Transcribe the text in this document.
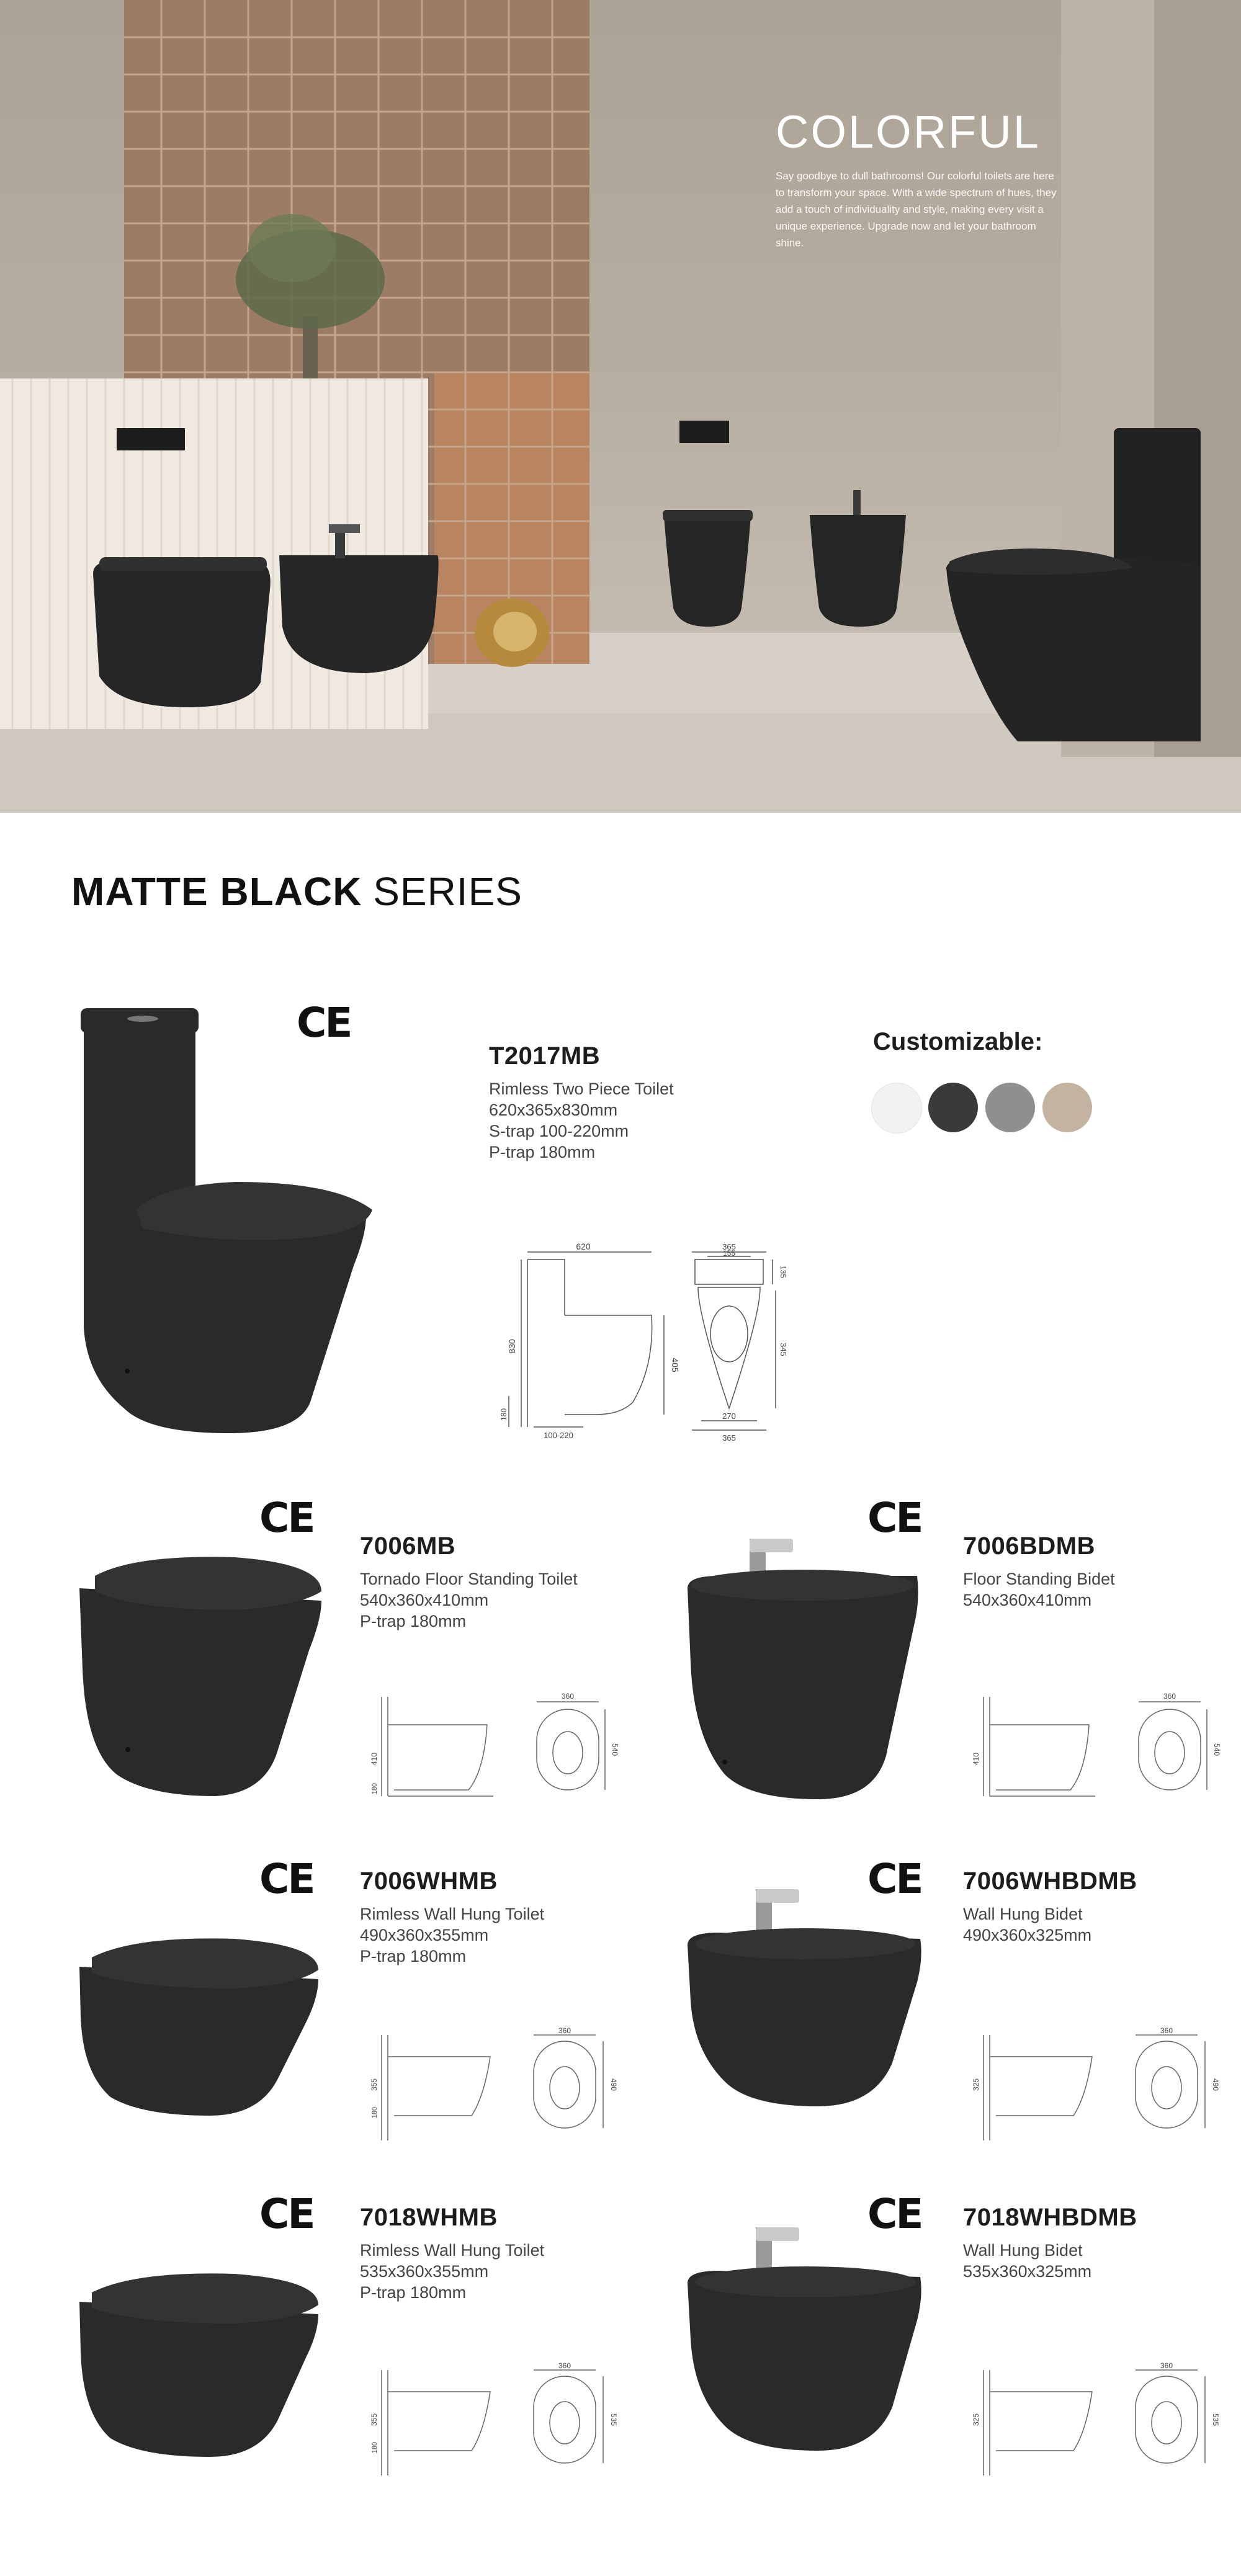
COLORFUL
Say goodbye to dull bathrooms! Our colorful toilets are here to transform your space. With a wide spectrum of hues, they add a touch of individuality and style, making every visit a unique experience. Upgrade now and let your bathroom shine.
MATTE BLACK SERIES
CE
T2017MB
Rimless Two Piece Toilet
620x365x830mm
S-trap 100-220mm
P-trap 180mm
Customizable:
620
830
405
180
100-220
365
155
135
345
270
365
CE
7006MB
Tornado Floor Standing Toilet
540x360x410mm
P-trap 180mm
410
180
360
540
CE
7006BDMB
Floor Standing Bidet
540x360x410mm
410
360
540
CE 7006WHMB
Rimless Wall Hung Toilet
490x360x355mm
P-trap 180mm
355
180
360
490
CE 7006WHBDMB
Wall Hung Bidet
490x360x325mm
325
360
490
CE 7018WHMB
Rimless Wall Hung Toilet
535x360x355mm
P-trap 180mm
355
180
360
535
CE 7018WHBDMB
Wall Hung Bidet
535x360x325mm
325
360
535
